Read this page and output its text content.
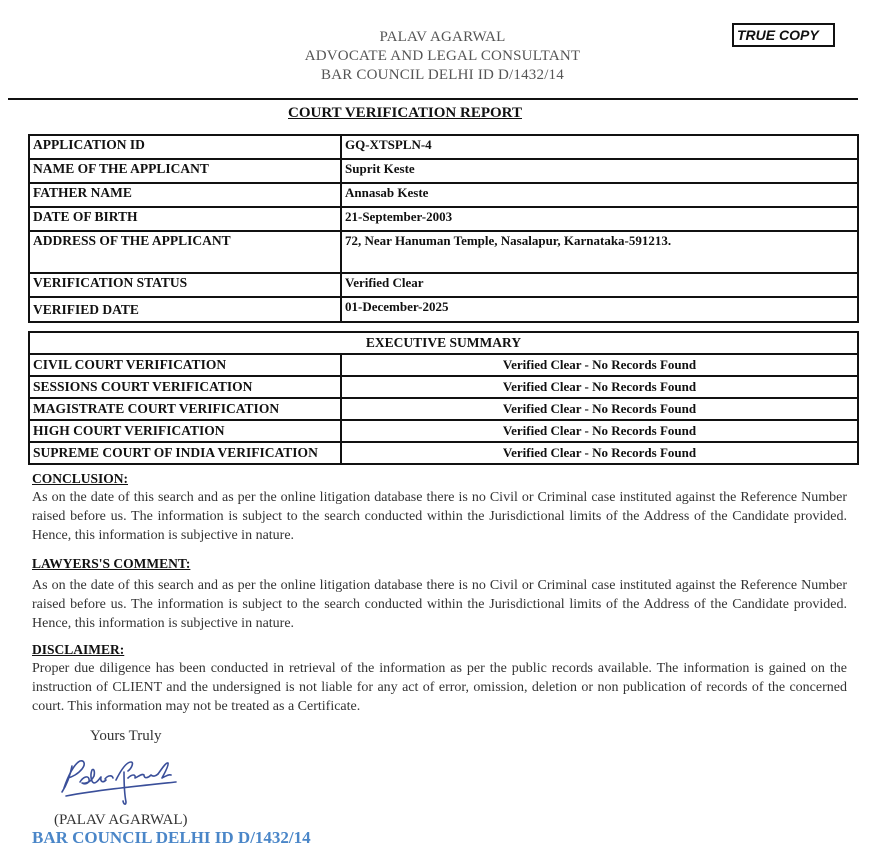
PALAV AGARWAL
ADVOCATE AND LEGAL CONSULTANT
BAR COUNCIL DELHI ID D/1432/14
TRUE COPY
COURT VERIFICATION REPORT
APPLICATION ID	GQ-XTSPLN-4
NAME OF THE APPLICANT	Suprit Keste
FATHER NAME	Annasab Keste
DATE OF BIRTH	21-September-2003
ADDRESS OF THE APPLICANT	72, Near Hanuman Temple, Nasalapur, Karnataka-591213.
VERIFICATION STATUS	Verified Clear
VERIFIED DATE	01-December-2025
EXECUTIVE SUMMARY	
CIVIL COURT VERIFICATION	Verified Clear - No Records Found
SESSIONS COURT VERIFICATION	Verified Clear - No Records Found
MAGISTRATE COURT VERIFICATION	Verified Clear - No Records Found
HIGH COURT VERIFICATION	Verified Clear - No Records Found
SUPREME COURT OF INDIA VERIFICATION	Verified Clear - No Records Found
CONCLUSION:
As on the date of this search and as per the online litigation database there is no Civil or Criminal case instituted against the Reference Number raised before us. The information is subject to the search conducted within the Jurisdictional limits of the Address of the Candidate provided. Hence, this information is subjective in nature.
LAWYERS'S COMMENT:
As on the date of this search and as per the online litigation database there is no Civil or Criminal case instituted against the Reference Number raised before us. The information is subject to the search conducted within the Jurisdictional limits of the Address of the Candidate provided. Hence, this information is subjective in nature.
DISCLAIMER:
Proper due diligence has been conducted in retrieval of the information as per the public records available. The information is gained on the instruction of CLIENT and the undersigned is not liable for any act of error, omission, deletion or non publication of records of the concerned court. This information may not be treated as a Certificate.
Yours Truly
(PALAV AGARWAL)
BAR COUNCIL DELHI ID D/1432/14
